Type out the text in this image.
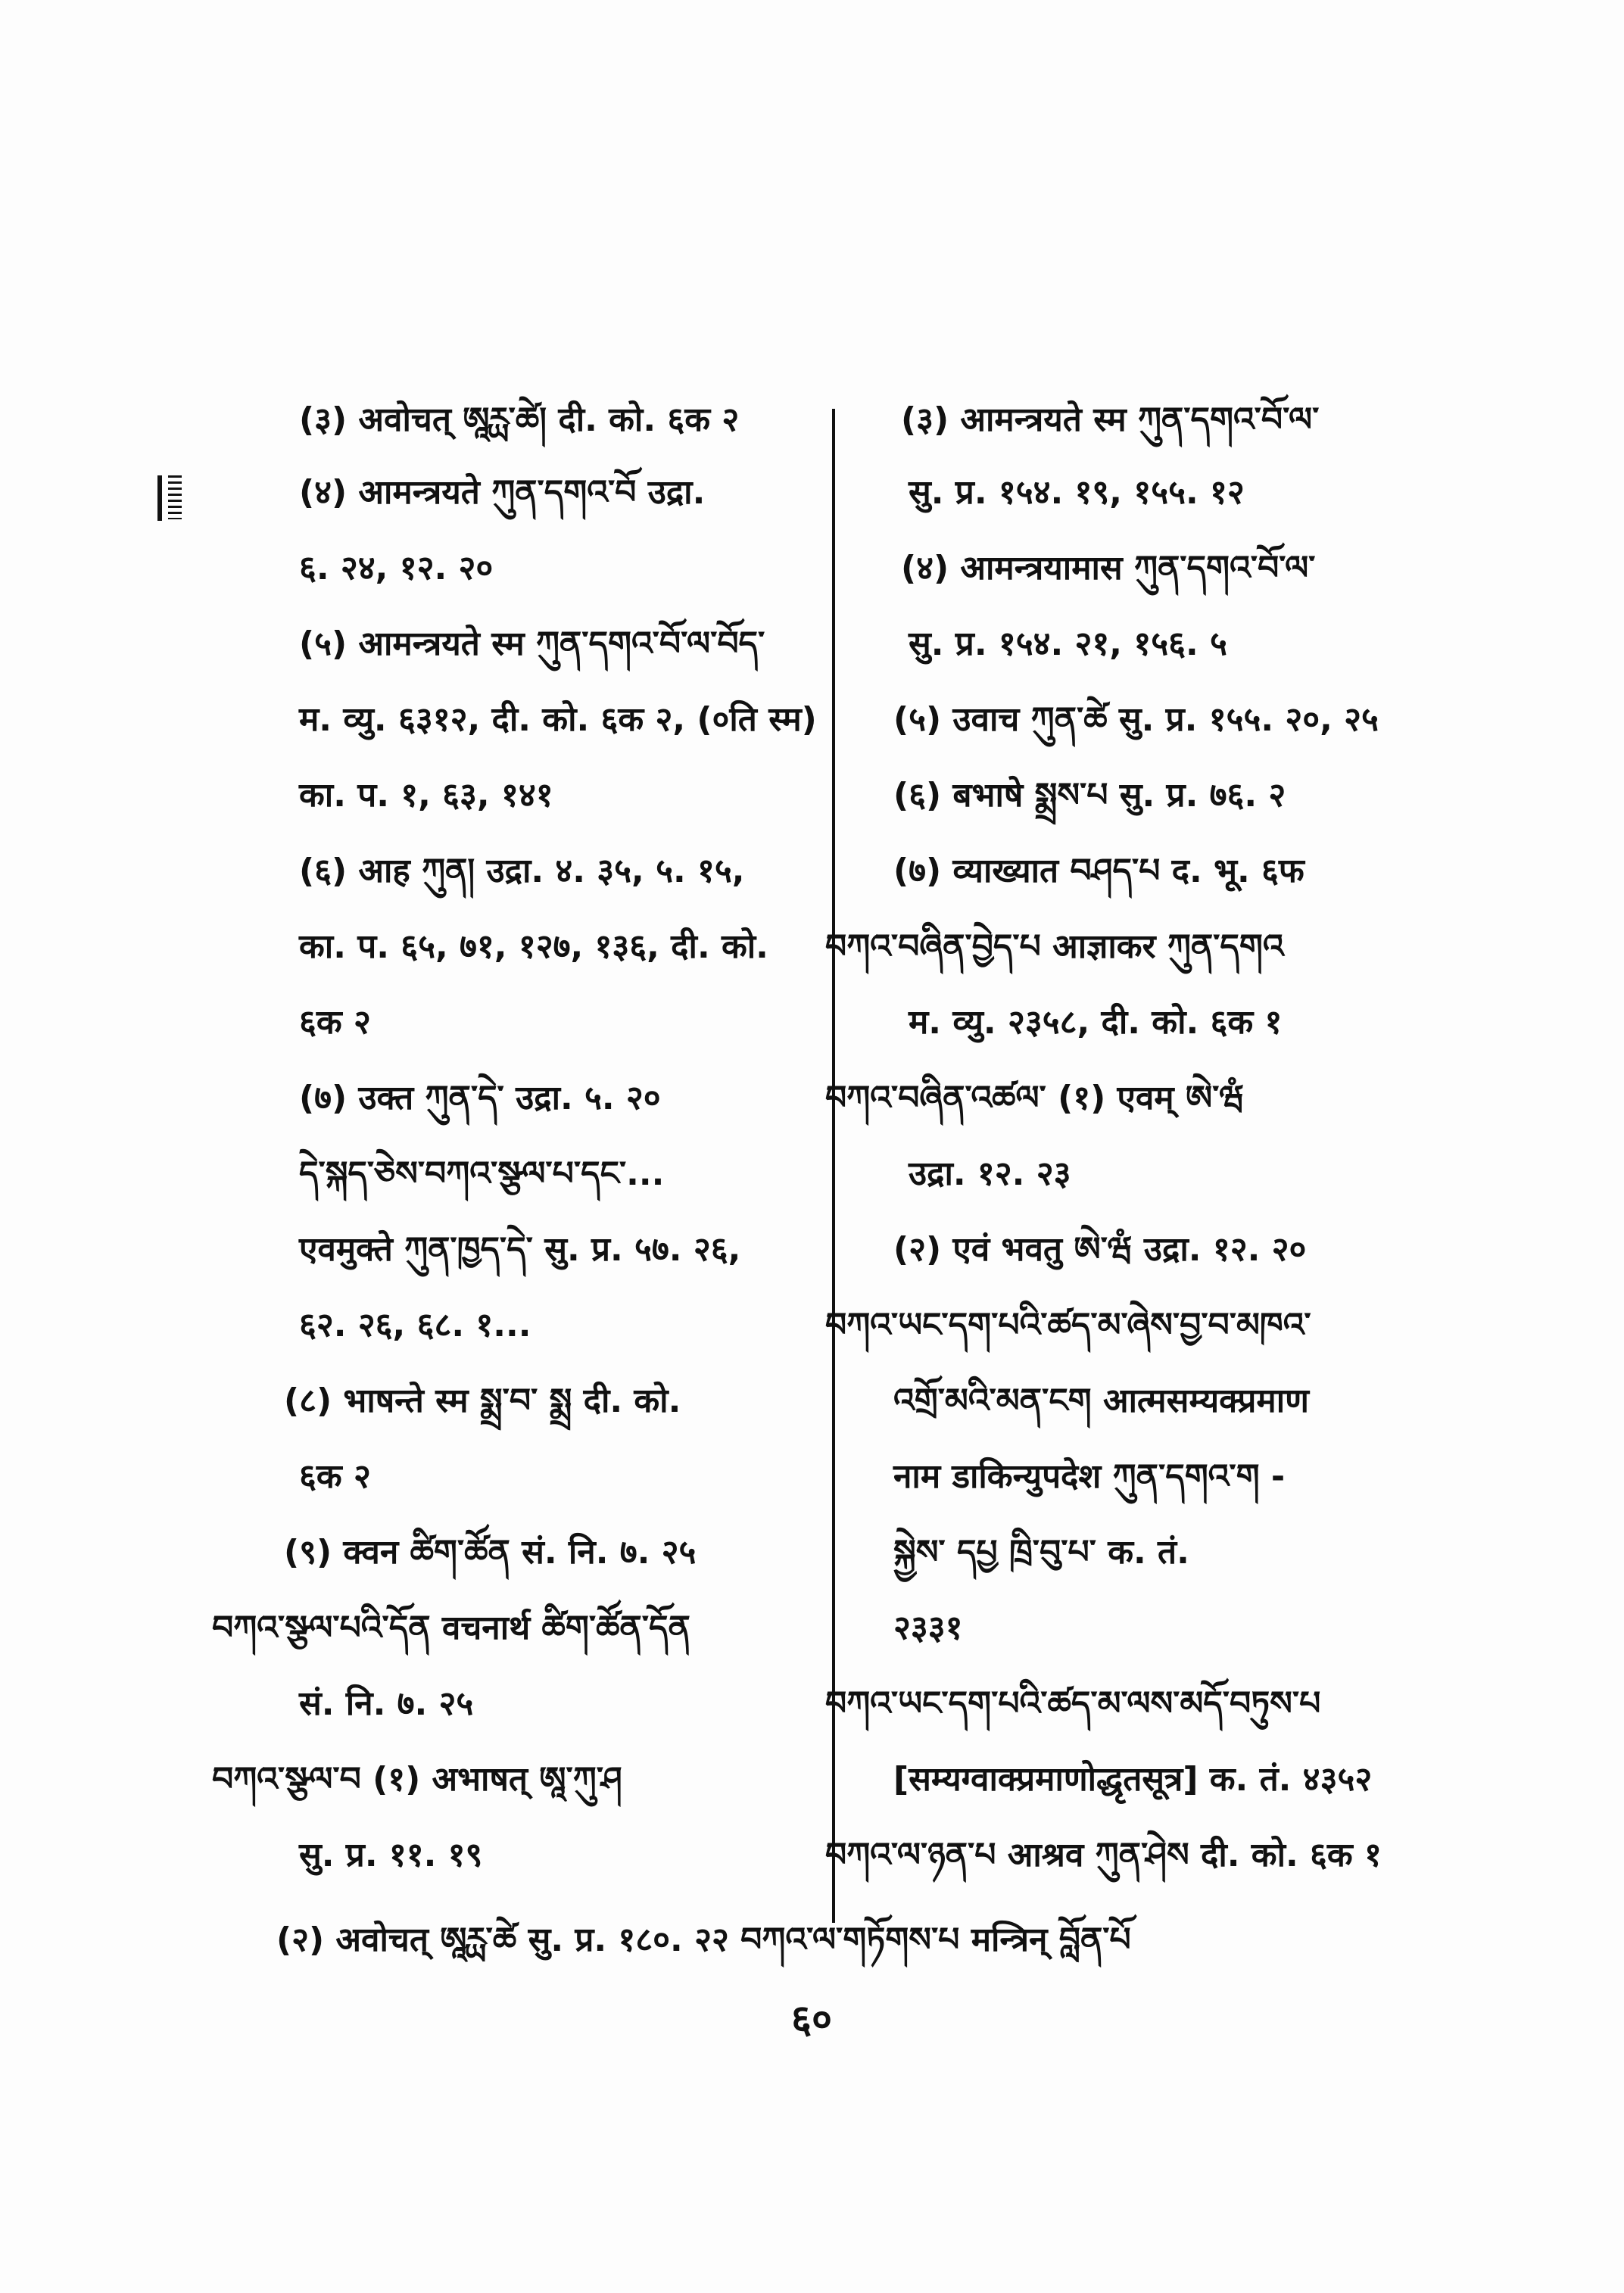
(३) अवोचत् ཨཱཪྻ་ཚེ། दी. को. ६क २
(४) आमन्त्रयते ཀུན་དགའ་བོ उद्रा.
६. २४, १२. २०
(५) आमन्त्रयते स्म ཀུན་དགའ་བོ་ལ་བོད་
म. व्यु. ६३१२, दी. को. ६क २, (०ति स्म)
का. प. १, ६३, १४१
(६) आह ཀུན། उद्रा. ४. ३५, ५. १५,
का. प. ६५, ७१, १२७, १३६, दी. को.
६क २
(७) उक्त ཀུན་དེ་ उद्रा. ५. २०
དེ་སྐད་ཅེས་བཀའ་སྩལ་པ་དང་...
एवमुक्ते ཀུན་ཁྱད་དེ་ सु. प्र. ५७. २६,
६२. २६, ६८. १...
(८) भाषन्ते स्म སྨྲ་བ་ སྨྲ दी. को.
६क २
(९) क्वन ཚིག་ཚོན सं. नि. ७. २५
བཀའ་སྩལ་པའི་དོན वचनार्थ ཚིག་ཚོན་དོན
सं. नि. ७. २५
བཀའ་སྩལ་བ (१) अभाषत् ཨཱ་ཀུ་ཤ
सु. प्र. ११. १९
(३) आमन्त्रयते स्म ཀུན་དགའ་བོ་ལ་
सु. प्र. १५४. १९, १५५. १२
(४) आमन्त्रयामास ཀུན་དགའ་བོ་ལ་
सु. प्र. १५४. २१, १५६. ५
(५) उवाच ཀུན་ཚེ सु. प्र. १५५. २०, २५
(६) बभाषे སྨྲས་པ सु. प्र. ७६. २
(७) व्याख्यात བཤད་པ द. भू. ६फ
བཀའ་བཞིན་བྱེད་པ आज्ञाकर ཀུན་དགའ
म. व्यु. २३५८, दी. को. ६क १
བཀའ་བཞིན་འཚལ་ (१) एवम् ཨེ་ཝཾ
उद्रा. १२. २३
(२) एवं भवतु ཨེ་ཝཾ उद्रा. १२. २०
བཀའ་ཡང་དག་པའི་ཚད་མ་ཞེས་བྱ་བ་མཁའ་
འགྲོ་མའི་མན་ངག आत्मसम्यक्प्रमाण
नाम डाकिन्युपदेश ཀུན་དགའ་ག -
སྐྱེས་ དཔྱ ཁྲི་བུ་པ་ क. तं.
२३३१
བཀའ་ཡང་དག་པའི་ཚད་མ་ལས་མདོ་བཏུས་པ
[सम्यग्वाक्प्रमाणोद्धृतसूत्र] क. तं. ४३५२
བཀའ་ལ་ཉན་པ आश्रव ཀུན་ཤེས दी. को. ६क १
(२) अवोचत् ཨཱཪྻ་ཚེ सु. प्र. १८०. २२ བཀའ་ལ་གཏོགས་པ मन्त्रिन् བློན་པོ
६०
